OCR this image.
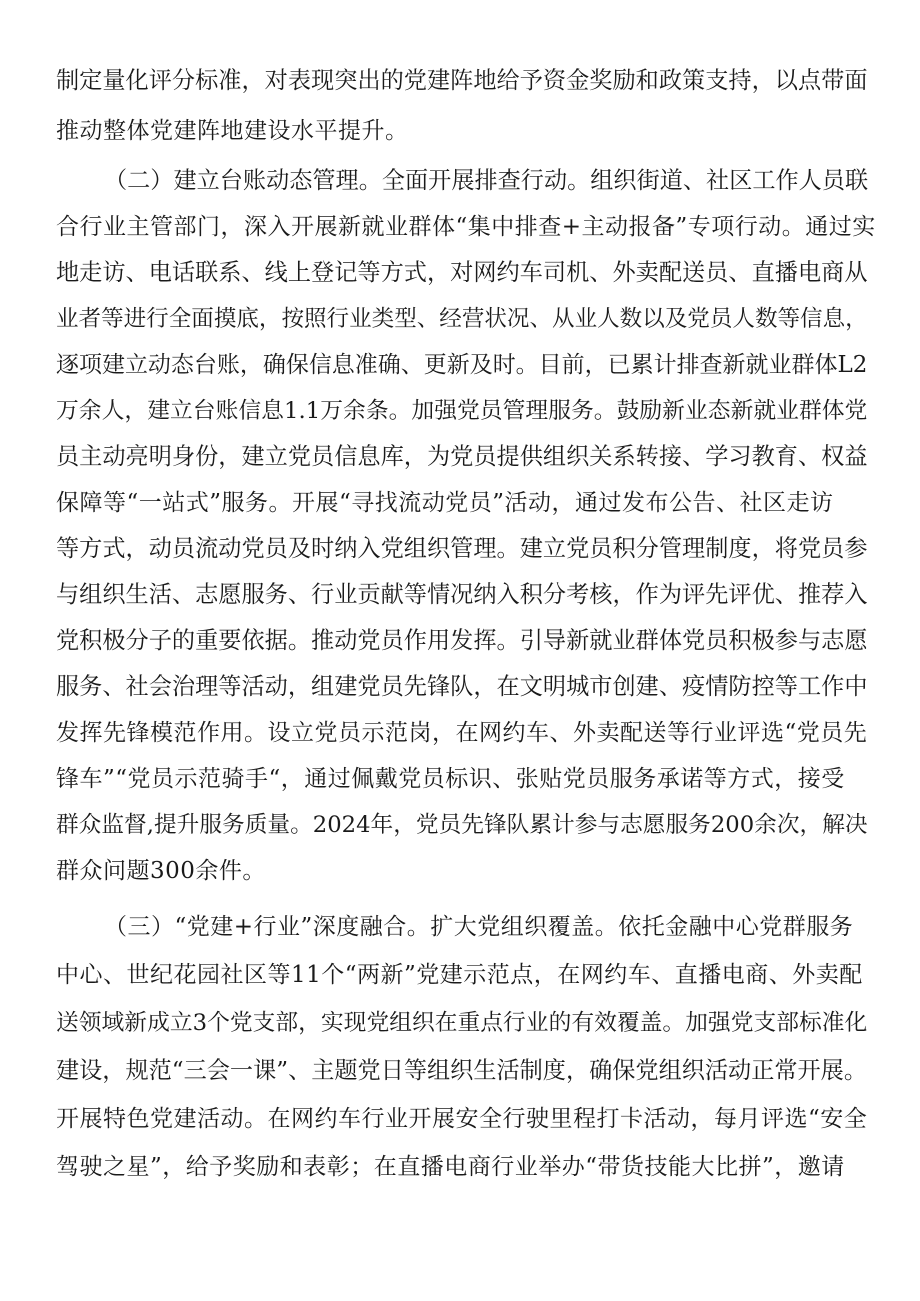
制定量化评分标准，对表现突出的党建阵地给予资金奖励和政策支持，以点带面
推动整体党建阵地建设水平提升。
（二）建立台账动态管理。全面开展排查行动。组织街道、社区工作人员联
合行业主管部门，深入开展新就业群体“集中排查+主动报备”专项行动。通过实
地走访、电话联系、线上登记等方式，对网约车司机、外卖配送员、直播电商从
业者等进行全面摸底，按照行业类型、经营状况、从业人数以及党员人数等信息，
逐项建立动态台账，确保信息准确、更新及时。目前，已累计排查新就业群体L2
万余人，建立台账信息1.1万余条。加强党员管理服务。鼓励新业态新就业群体党
员主动亮明身份，建立党员信息库，为党员提供组织关系转接、学习教育、权益
保障等“一站式”服务。开展“寻找流动党员”活动，通过发布公告、社区走访
等方式，动员流动党员及时纳入党组织管理。建立党员积分管理制度，将党员参
与组织生活、志愿服务、行业贡献等情况纳入积分考核，作为评先评优、推荐入
党积极分子的重要依据。推动党员作用发挥。引导新就业群体党员积极参与志愿
服务、社会治理等活动，组建党员先锋队，在文明城市创建、疫情防控等工作中
发挥先锋模范作用。设立党员示范岗，在网约车、外卖配送等行业评选“党员先
锋车”“党员示范骑手“，通过佩戴党员标识、张贴党员服务承诺等方式，接受
群众监督,提升服务质量。2024年，党员先锋队累计参与志愿服务200余次，解决
群众问题300余件。
（三）“党建+行业”深度融合。扩大党组织覆盖。依托金融中心党群服务
中心、世纪花园社区等11个“两新”党建示范点，在网约车、直播电商、外卖配
送领域新成立3个党支部，实现党组织在重点行业的有效覆盖。加强党支部标准化
建设，规范“三会一课”、主题党日等组织生活制度，确保党组织活动正常开展。
开展特色党建活动。在网约车行业开展安全行驶里程打卡活动，每月评选“安全
驾驶之星”，给予奖励和表彰；在直播电商行业举办“带货技能大比拼”，邀请
